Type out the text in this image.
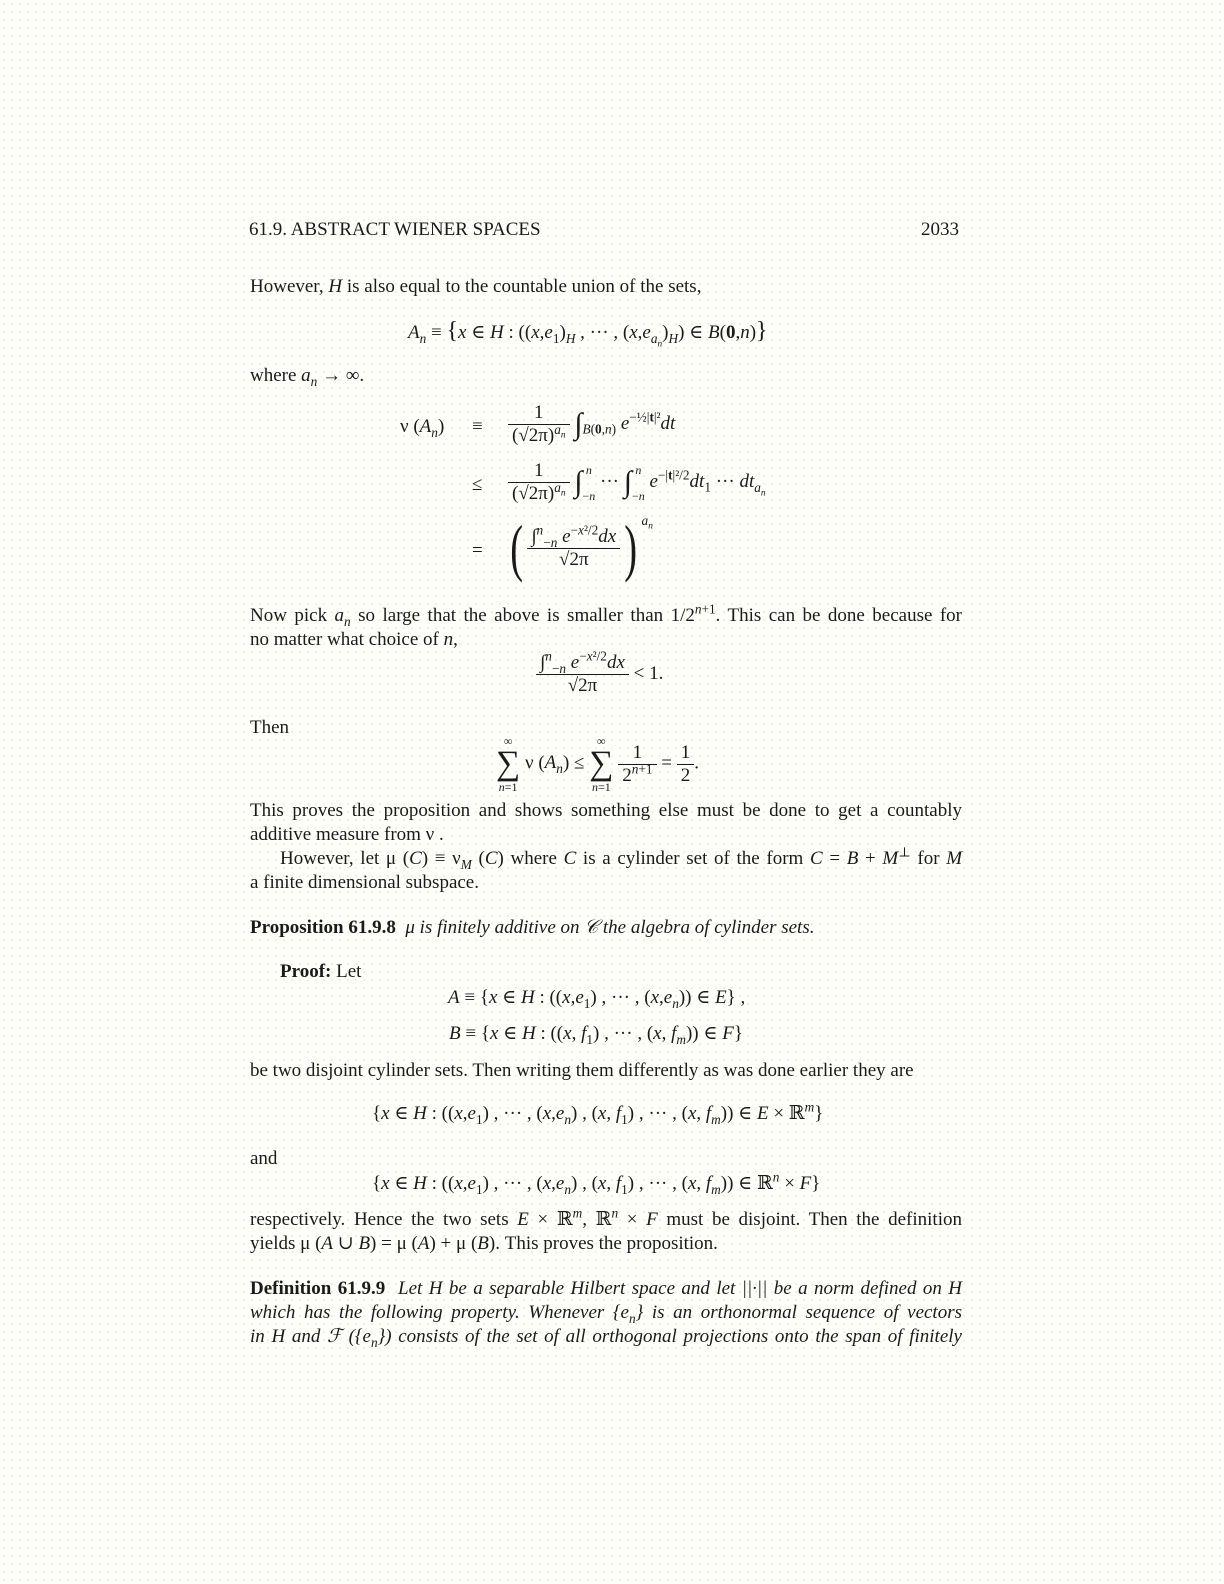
61.9. ABSTRACT WIENER SPACES	2033
However, H is also equal to the countable union of the sets,
$A_n \equiv \{x$ ∈ H : ($(x,e_1)_H$ , ··· , $(x,e_{a_n})_H$) ∈ B(0,n)}
where $a_n$ → ∞.
ν $(A_n)$ ≡
≤
=
$\frac{1}{(√2\pi)^{a_n}} \int_{B(0,n)}$ $e^{-\frac{1}{2}|t|^2}dt$
$\frac{1}{(√2\pi)^{a_n}}$ ∫ n
−n
··· ∫ n
−n
$e^{-|t|^2/2}dt_1$ ··· $dt_{a_n}$
( $\frac{\int^n_{-n} e^{-x^2/2}dx}{√2\pi}$ ) $^{a_n}$
Now pick $a_n$ so large that the above is smaller than $1/2^{n+1}$. This can be done because for
no matter what choice of n,
$\frac{\int^n_{-n} e^{-x^2/2}dx}{√2\pi} < 1$.
Then
∞
∑
n=1
ν $(A_n)$ ≤
∞
∑
n=1

$\frac{1}{2^{n+1}} = \frac{1}{2}$ .
This proves the proposition and shows something else must be done to get a countably
additive measure from ν .
However, let μ $(C) \equiv \nu_M$ (C) where C is a cylinder set of the form C = B + M⊥ for M
a finite dimensional subspace.
Proposition 61.9.8 μ is finitely additive on 𝒞 the algebra of cylinder sets.
Proof: Let
A ≡ {x ∈ H : ($(x,e_1)$ , ··· , $(x,e_n)$) ∈ E} ,
B ≡ {x ∈ H : ((x, $f_1$) , ··· , (x, $f_m$)) ∈ F}
be two disjoint cylinder sets. Then writing them differently as was done earlier they are
{x ∈ H : ($(x,e_1)$ , ··· , $(x,e_n)$ , (x, $f_1$) , ··· , (x, $f_m$)) ∈ E × ℝ$^m$}
and
{x ∈ H : ($(x,e_1)$ , ··· , $(x,e_n)$ , (x, $f_1$) , ··· , (x, $f_m$)) ∈ ℝ$^n$ × F}
respectively. Hence the two sets E × ℝ$^m$, ℝ$^n$ × F must be disjoint. Then the definition
yields μ (A ∪ B) = μ (A) + μ (B). This proves the proposition.
Definition 61.9.9 Let H be a separable Hilbert space and let ||·|| be a norm defined on H
which has the following property. Whenever $\{e_n\}$ is an orthonormal sequence of vectors
in H and ℱ $(\{e_n\})$ consists of the set of all orthogonal projections onto the span of finitely
